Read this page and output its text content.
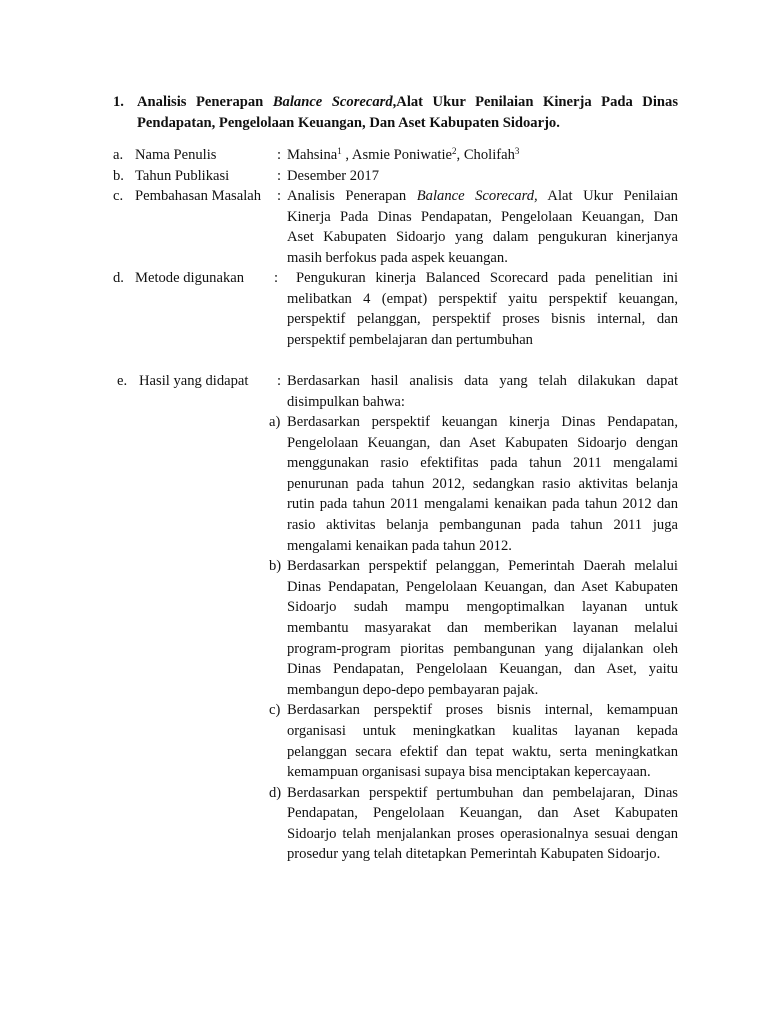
1. Analisis Penerapan Balance Scorecard,Alat Ukur Penilaian Kinerja Pada Dinas
Pendapatan, Pengelolaan Keuangan, Dan Aset Kabupaten Sidoarjo.
a. Nama Penulis	: Mahsina$^1$ , Asmie Poniwatie$^2$, Cholifah$^3$
b. Tahun Publikasi	: Desember 2017
c. Pembahasan Masalah : Analisis Penerapan Balance Scorecard, Alat Ukur Penilaian
Kinerja Pada Dinas Pendapatan, Pengelolaan Keuangan, Dan
Aset Kabupaten Sidoarjo yang dalam pengukuran kinerjanya
masih berfokus pada aspek keuangan.
d. Metode digunakan :	Pengukuran kinerja Balanced Scorecard pada penelitian ini
melibatkan 4 (empat) perspektif yaitu perspektif keuangan,
perspektif pelanggan, perspektif proses bisnis internal, dan
perspektif pembelajaran dan pertumbuhan
e. Hasil yang didapat : Berdasarkan hasil analisis data yang telah dilakukan dapat
disimpulkan bahwa:
a) Berdasarkan perspektif keuangan kinerja Dinas Pendapatan,
Pengelolaan Keuangan, dan Aset Kabupaten Sidoarjo dengan
menggunakan rasio efektifitas pada tahun 2011 mengalami
penurunan pada tahun 2012, sedangkan rasio aktivitas belanja
rutin pada tahun 2011 mengalami kenaikan pada tahun 2012 dan
rasio aktivitas belanja pembangunan pada tahun 2011 juga
mengalami kenaikan pada tahun 2012.
b) Berdasarkan perspektif pelanggan, Pemerintah Daerah melalui
Dinas Pendapatan, Pengelolaan Keuangan, dan Aset Kabupaten
Sidoarjo sudah mampu mengoptimalkan layanan untuk
membantu masyarakat dan memberikan layanan melalui
program-program pioritas pembangunan yang dijalankan oleh
Dinas Pendapatan, Pengelolaan Keuangan, dan Aset, yaitu
membangun depo-depo pembayaran pajak.
c) Berdasarkan perspektif proses bisnis internal, kemampuan
organisasi untuk meningkatkan kualitas layanan kepada
pelanggan secara efektif dan tepat waktu, serta meningkatkan
kemampuan organisasi supaya bisa menciptakan kepercayaan.
d) Berdasarkan perspektif pertumbuhan dan pembelajaran, Dinas
Pendapatan, Pengelolaan Keuangan, dan Aset Kabupaten
Sidoarjo telah menjalankan proses operasionalnya sesuai dengan
prosedur yang telah ditetapkan Pemerintah Kabupaten Sidoarjo.
